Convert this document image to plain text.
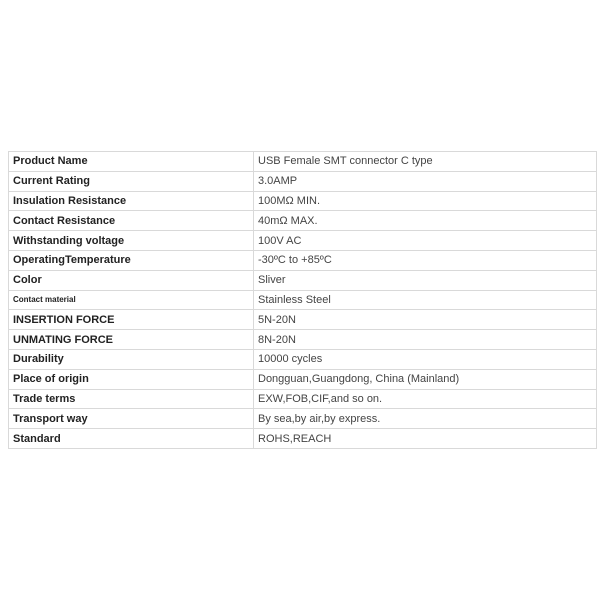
Product Name	USB Female SMT connector C type
Current Rating	3.0AMP
Insulation Resistance	100MΩ MIN.
Contact Resistance	40mΩ MAX.
Withstanding voltage	100V AC
OperatingTemperature	-30ºC to +85ºC
Color	Sliver
Contact material	Stainless Steel
INSERTION FORCE	5N-20N
UNMATING FORCE	8N-20N
Durability	10000 cycles
Place of origin	Dongguan,Guangdong, China (Mainland)
Trade terms	EXW,FOB,CIF,and so on.
Transport way	By sea,by air,by express.
Standard	ROHS,REACH
